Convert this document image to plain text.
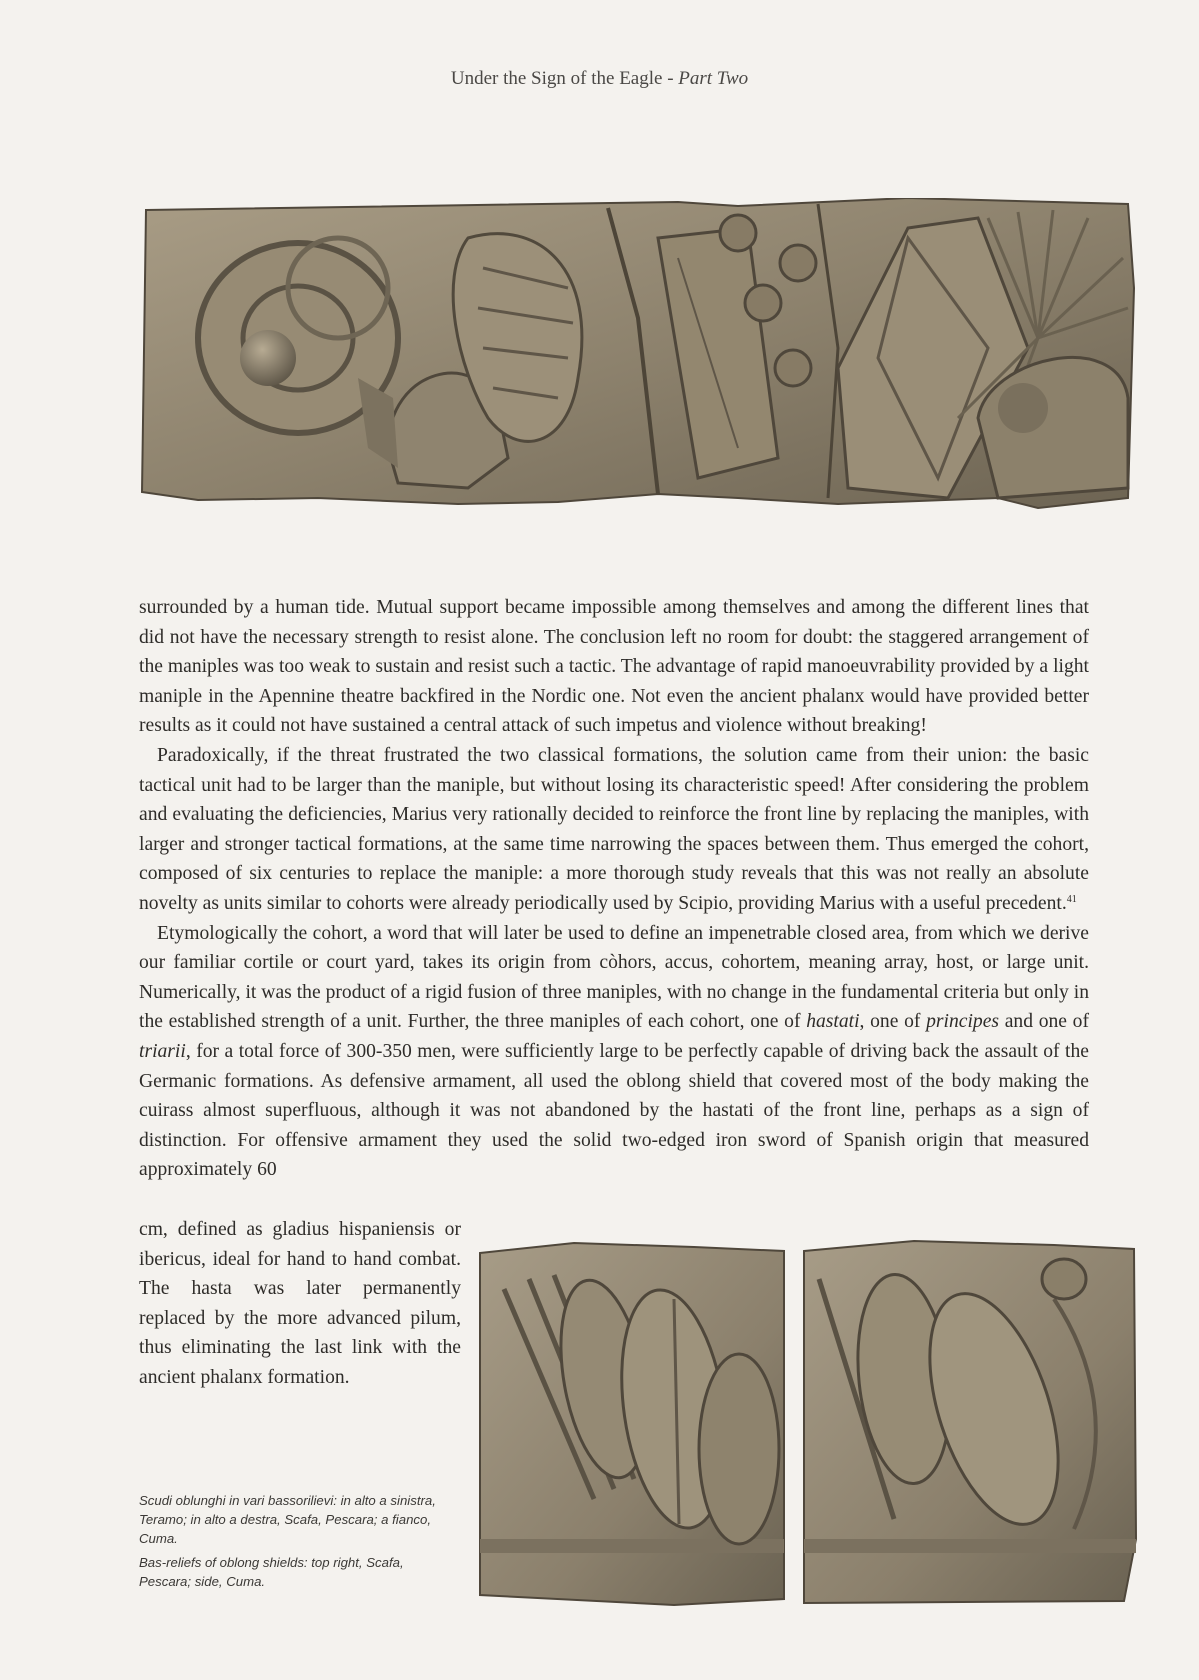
Under the Sign of the Eagle - Part Two

surrounded by a human tide. Mutual support became impossible among themselves and among the different lines that did not have the necessary strength to resist alone. The conclusion left no room for doubt: the staggered arrangement of the maniples was too weak to sustain and resist such a tactic. The advantage of rapid manoeuvrability provided by a light maniple in the Apennine theatre backfired in the Nordic one. Not even the ancient phalanx would have provided better results as it could not have sustained a central attack of such impetus and violence without breaking!

Paradoxically, if the threat frustrated the two classical formations, the solution came from their union: the basic tactical unit had to be larger than the maniple, but without losing its characteristic speed! After considering the problem and evaluating the deficiencies, Marius very rationally decided to reinforce the front line by replacing the maniples, with larger and stronger tactical formations, at the same time narrowing the spaces between them. Thus emerged the cohort, composed of six centuries to replace the maniple: a more thorough study reveals that this was not really an absolute novelty as units similar to cohorts were already periodically used by Scipio, providing Marius with a useful precedent.$^{41}$

Etymologically the cohort, a word that will later be used to define an impenetrable closed area, from which we derive our familiar cortile or court yard, takes its origin from còhors, accus, cohortem, meaning array, host, or large unit. Numerically, it was the product of a rigid fusion of three maniples, with no change in the fundamental criteria but only in the established strength of a unit. Further, the three maniples of each cohort, one of hastati, one of principes and one of triarii, for a total force of 300-350 men, were sufficiently large to be perfectly capable of driving back the assault of the Germanic formations. As defensive armament, all used the oblong shield that covered most of the body making the cuirass almost superfluous, although it was not abandoned by the hastati of the front line, perhaps as a sign of distinction. For offensive armament they used the solid two-edged iron sword of Spanish origin that measured approximately 60

cm, defined as gladius hispaniensis or ibericus, ideal for hand to hand combat. The hasta was later permanently replaced by the more advanced pilum, thus eliminating the last link with the ancient phalanx formation.

Scudi oblunghi in vari bassorilievi: in alto a sinistra, Teramo; in alto a destra, Scafa, Pescara; a fianco, Cuma.

Bas-reliefs of oblong shields: top right, Scafa, Pescara; side, Cuma.
